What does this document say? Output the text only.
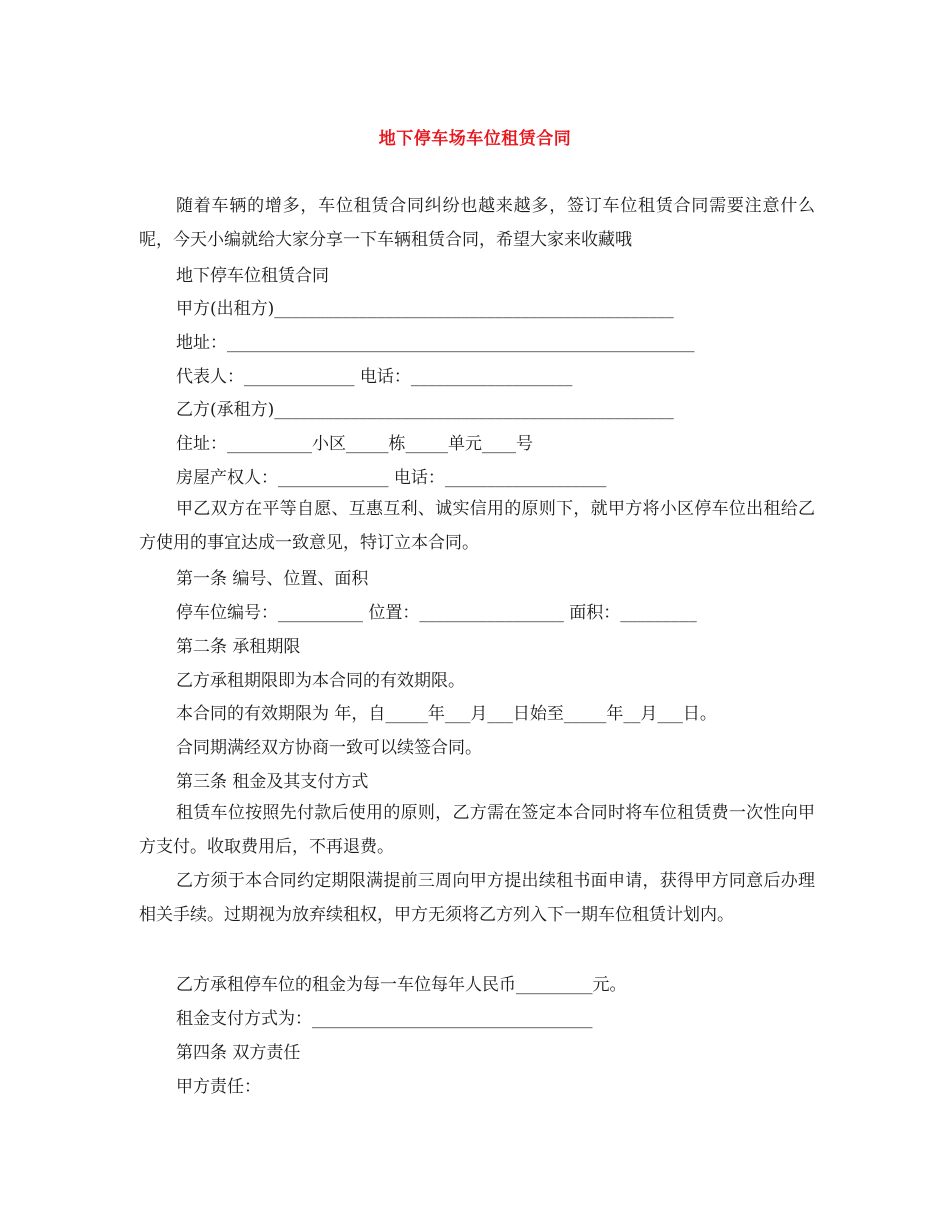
地下停车场车位租赁合同

随着车辆的增多，车位租赁合同纠纷也越来越多，签订车位租赁合同需要注意什么呢，今天小编就给大家分享一下车辆租赁合同，希望大家来收藏哦

地下停车位租赁合同
甲方(出租方)_______________________________________________
地址：_______________________________________________________
代表人：_____________ 电话：___________________
乙方(承租方)_______________________________________________
住址：__________小区_____栋_____单元____号
房屋产权人：_____________ 电话：___________________

甲乙双方在平等自愿、互惠互利、诚实信用的原则下，就甲方将小区停车位出租给乙方使用的事宜达成一致意见，特订立本合同。

第一条 编号、位置、面积
停车位编号：__________ 位置：_________________ 面积：_________
第二条 承租期限
乙方承租期限即为本合同的有效期限。
本合同的有效期限为 年，自_____年___月___日始至_____年__月___日。
合同期满经双方协商一致可以续签合同。
第三条 租金及其支付方式

租赁车位按照先付款后使用的原则，乙方需在签定本合同时将车位租赁费一次性向甲方支付。收取费用后，不再退费。

乙方须于本合同约定期限满提前三周向甲方提出续租书面申请，获得甲方同意后办理相关手续。过期视为放弃续租权，甲方无须将乙方列入下一期车位租赁计划内。

乙方承租停车位的租金为每一车位每年人民币_________元。
租金支付方式为：_________________________________
第四条 双方责任
甲方责任：
